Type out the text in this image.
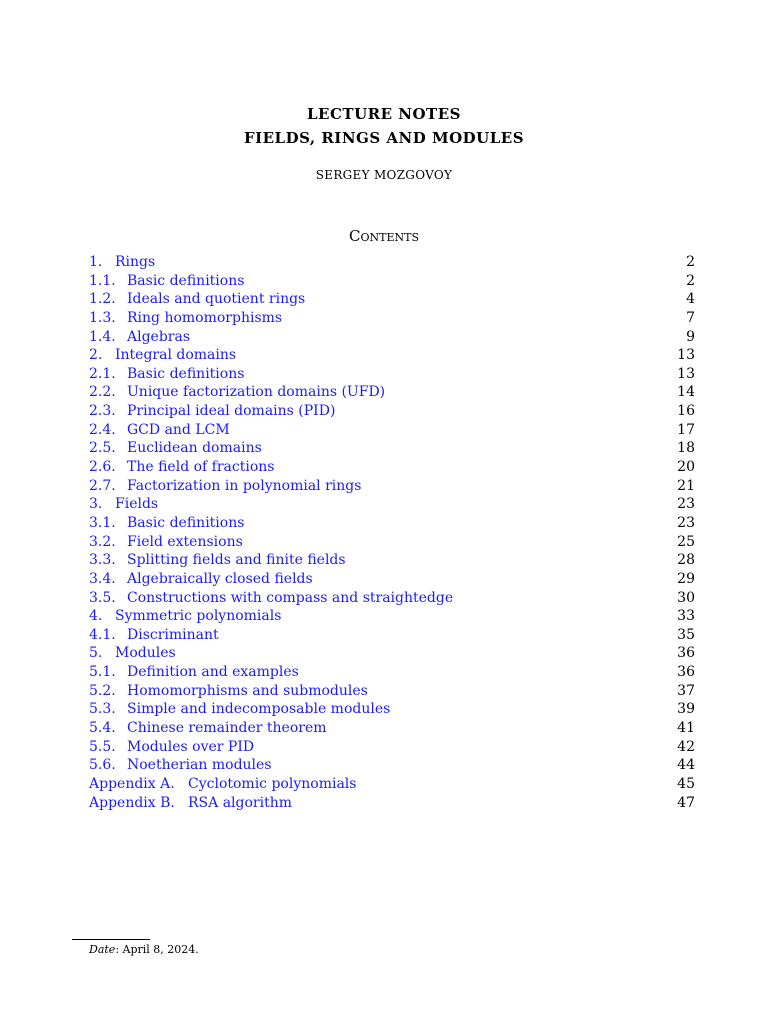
LECTURE NOTES
FIELDS, RINGS AND MODULES
SERGEY MOZGOVOY
Contents
1. Rings	2
1.1. Basic definitions	2
1.2. Ideals and quotient rings	4
1.3. Ring homomorphisms	7
1.4. Algebras	9
2. Integral domains	13
2.1. Basic definitions	13
2.2. Unique factorization domains (UFD)	14
2.3. Principal ideal domains (PID)	16
2.4. GCD and LCM	17
2.5. Euclidean domains	18
2.6. The field of fractions	20
2.7. Factorization in polynomial rings	21
3. Fields	23
3.1. Basic definitions	23
3.2. Field extensions	25
3.3. Splitting fields and finite fields	28
3.4. Algebraically closed fields	29
3.5. Constructions with compass and straightedge	30
4. Symmetric polynomials	33
4.1. Discriminant	35
5. Modules	36
5.1. Definition and examples	36
5.2. Homomorphisms and submodules	37
5.3. Simple and indecomposable modules	39
5.4. Chinese remainder theorem	41
5.5. Modules over PID	42
5.6. Noetherian modules	44
Appendix A. Cyclotomic polynomials	45
Appendix B. RSA algorithm	47
Date: April 8, 2024.
